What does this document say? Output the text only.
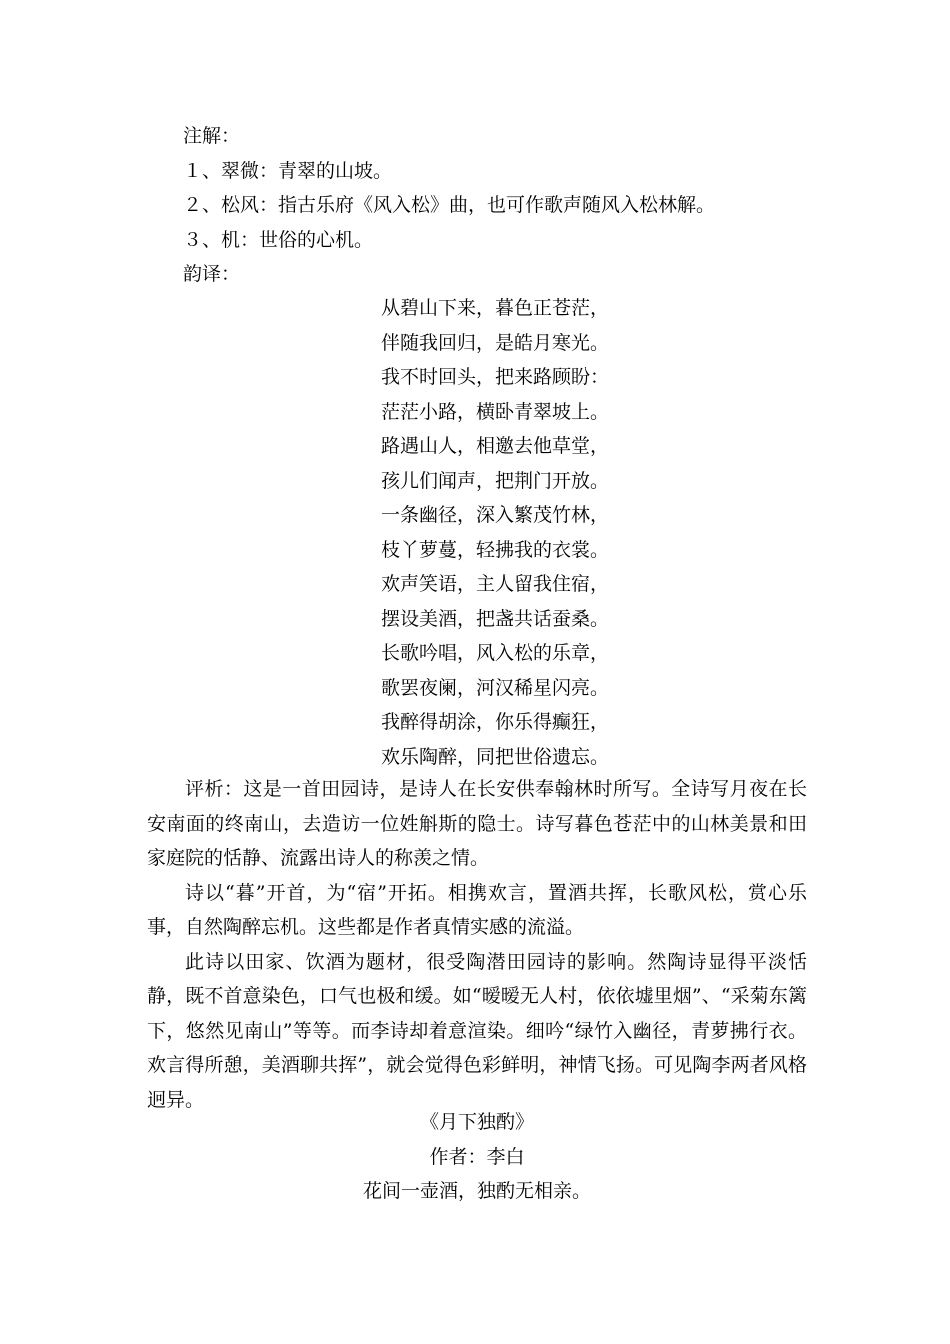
注解：
１、翠微：青翠的山坡。
２、松风：指古乐府《风入松》曲，也可作歌声随风入松林解。
３、机：世俗的心机。
韵译：
从碧山下来，暮色正苍茫，
伴随我回归，是皓月寒光。
我不时回头，把来路顾盼：
茫茫小路，横卧青翠坡上。
路遇山人，相邀去他草堂，
孩儿们闻声，把荆门开放。
一条幽径，深入繁茂竹林，
枝丫萝蔓，轻拂我的衣裳。
欢声笑语，主人留我住宿，
摆设美酒，把盏共话蚕桑。
长歌吟唱，风入松的乐章，
歌罢夜阑，河汉稀星闪亮。
我醉得胡涂，你乐得癫狂，
欢乐陶醉，同把世俗遗忘。

评析：这是一首田园诗，是诗人在长安供奉翰林时所写。全诗写月夜在长安南面的终南山，去造访一位姓斛斯的隐士。诗写暮色苍茫中的山林美景和田家庭院的恬静、流露出诗人的称羡之情。

诗以“暮”开首，为“宿”开拓。相携欢言，置酒共挥，长歌风松，赏心乐事，自然陶醉忘机。这些都是作者真情实感的流溢。

此诗以田家、饮酒为题材，很受陶潜田园诗的影响。然陶诗显得平淡恬静，既不首意染色，口气也极和缓。如“暧暧无人村，依依墟里烟”、“采菊东篱下，悠然见南山”等等。而李诗却着意渲染。细吟“绿竹入幽径，青萝拂行衣。欢言得所憩，美酒聊共挥”，就会觉得色彩鲜明，神情飞扬。可见陶李两者风格迥异。

《月下独酌》
作者：李白
花间一壶酒，独酌无相亲。
